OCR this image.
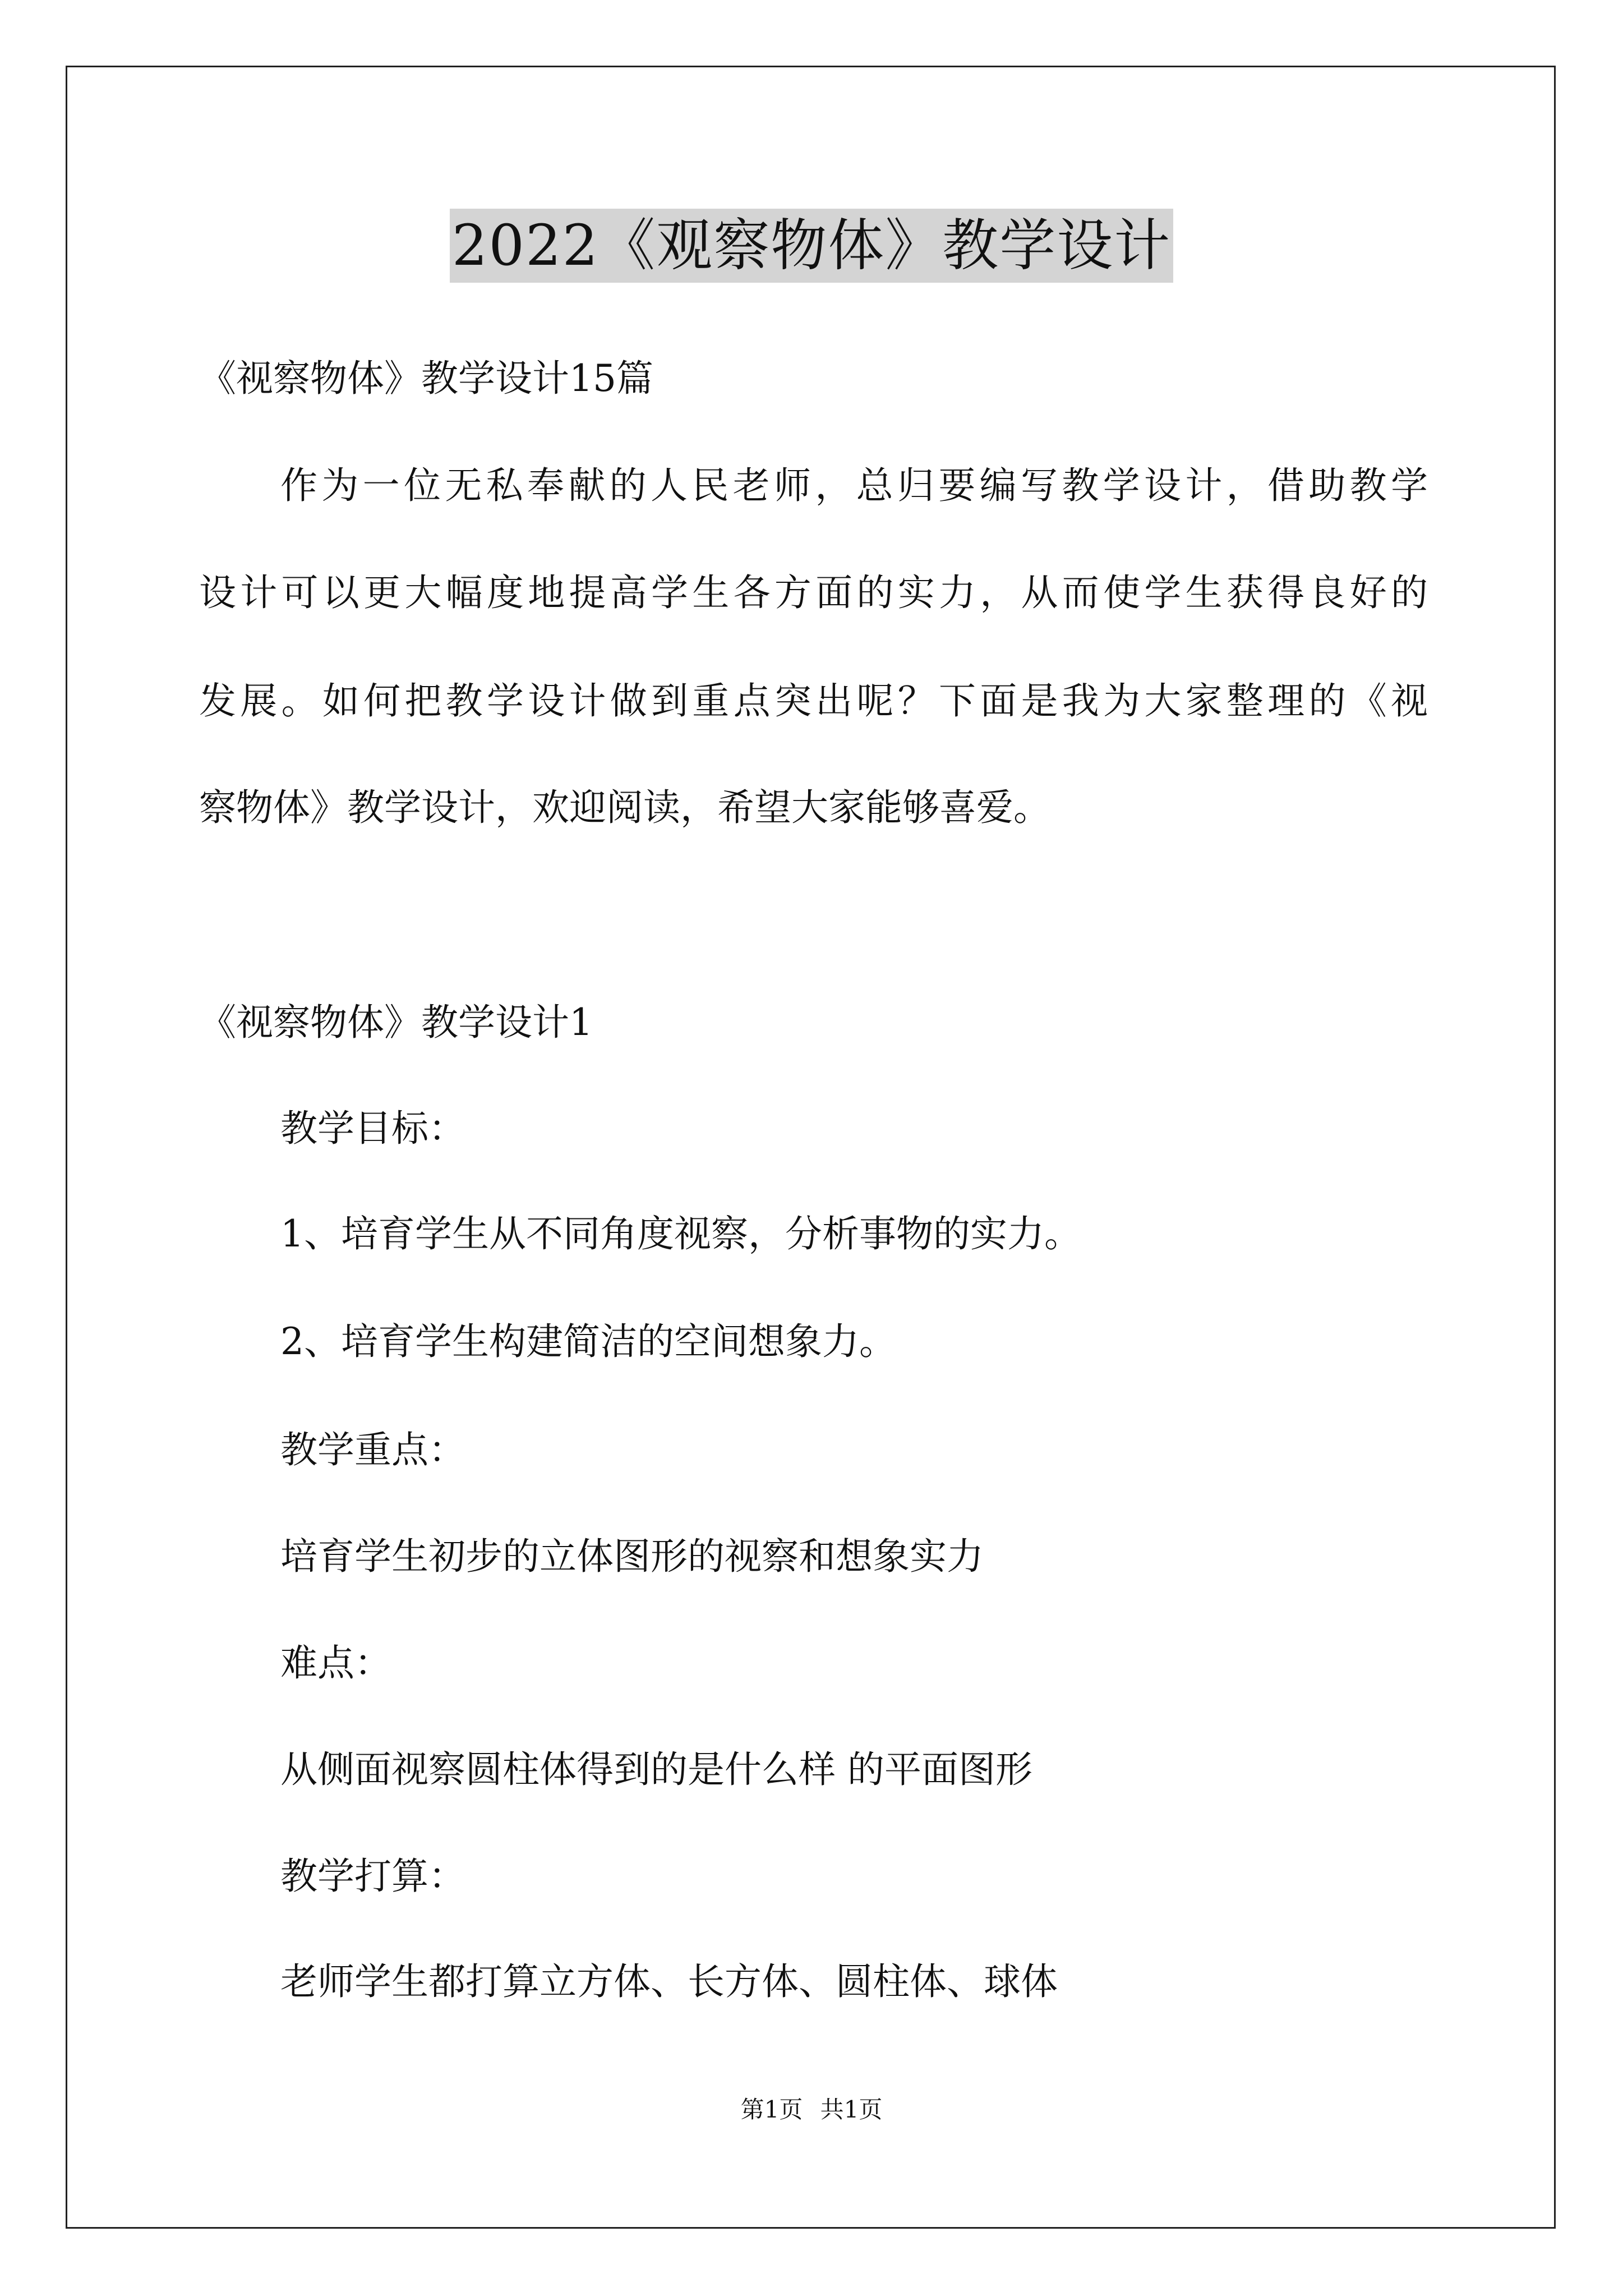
2022《观察物体》教学设计
《视察物体》教学设计15篇
作为一位无私奉献的人民老师，总归要编写教学设计，借助教学
设计可以更大幅度地提高学生各方面的实力，从而使学生获得良好的
发展。如何把教学设计做到重点突出呢？下面是我为大家整理的《视
察物体》教学设计，欢迎阅读，希望大家能够喜爱。
《视察物体》教学设计1
教学目标：
1、培育学生从不同角度视察，分析事物的实力。
2、培育学生构建简洁的空间想象力。
教学重点：
培育学生初步的立体图形的视察和想象实力
难点：
从侧面视察圆柱体得到的是什么样 的平面图形
教学打算：
老师学生都打算立方体、长方体、圆柱体、球体
第1页 共1页
